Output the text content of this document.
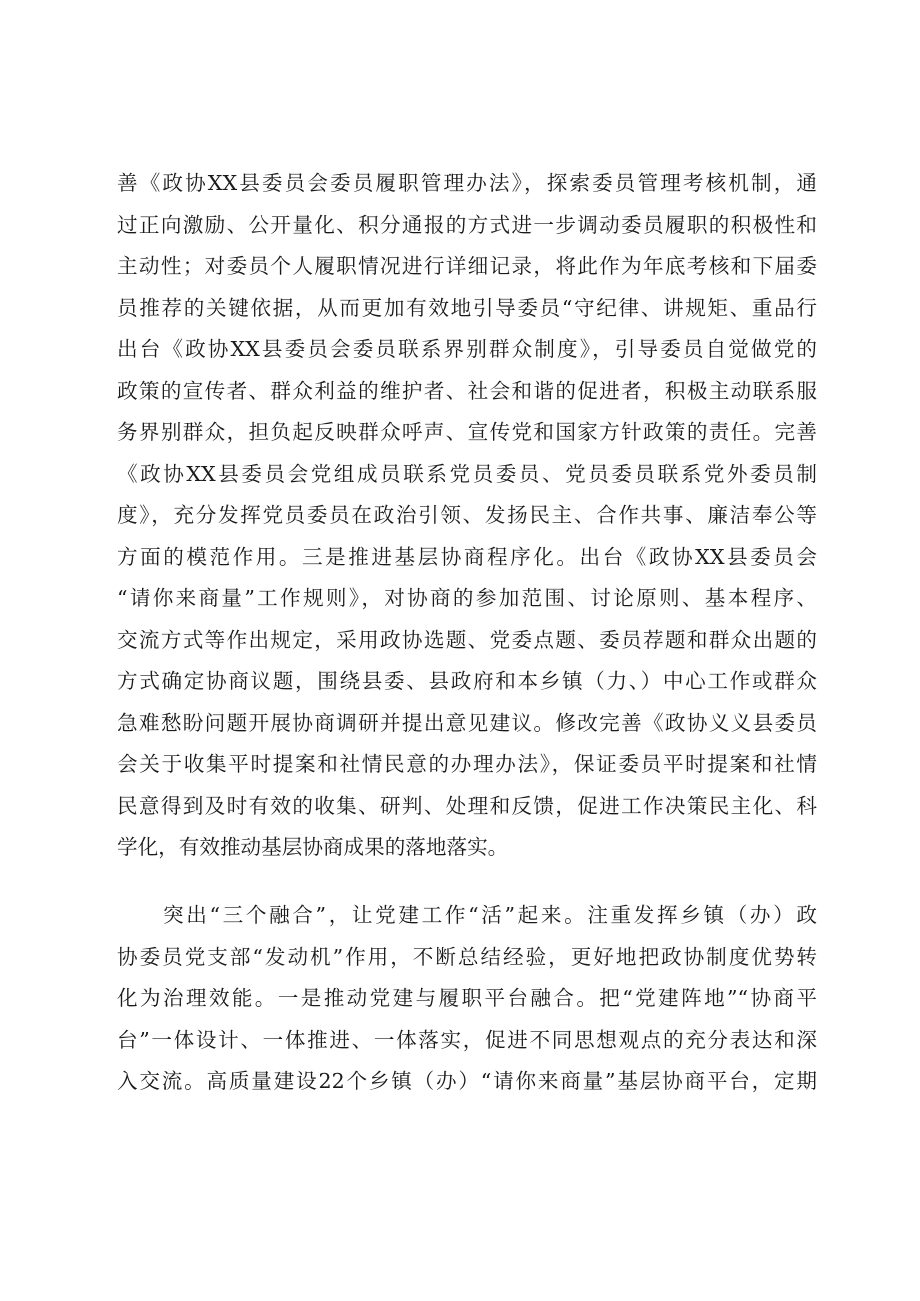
善《政协XX县委员会委员履职管理办法》，探索委员管理考核机制，通
过正向激励、公开量化、积分通报的方式进一步调动委员履职的积极性和
主动性；对委员个人履职情况进行详细记录，将此作为年底考核和下届委
员推荐的关键依据，从而更加有效地引导委员“守纪律、讲规矩、重品行
出台《政协XX县委员会委员联系界别群众制度》，引导委员自觉做党的
政策的宣传者、群众利益的维护者、社会和谐的促进者，积极主动联系服
务界别群众，担负起反映群众呼声、宣传党和国家方针政策的责任。完善
《政协XX县委员会党组成员联系党员委员、党员委员联系党外委员制
度》，充分发挥党员委员在政治引领、发扬民主、合作共事、廉洁奉公等
方面的模范作用。三是推进基层协商程序化。出台《政协XX县委员会
“请你来商量”工作规则》，对协商的参加范围、讨论原则、基本程序、
交流方式等作出规定，采用政协选题、党委点题、委员荐题和群众出题的
方式确定协商议题，围绕县委、县政府和本乡镇（力、）中心工作或群众
急难愁盼问题开展协商调研并提出意见建议。修改完善《政协义义县委员
会关于收集平时提案和社情民意的办理办法》，保证委员平时提案和社情
民意得到及时有效的收集、研判、处理和反馈，促进工作决策民主化、科
学化，有效推动基层协商成果的落地落实。
突出“三个融合”，让党建工作“活”起来。注重发挥乡镇（办）政
协委员党支部“发动机”作用，不断总结经验，更好地把政协制度优势转
化为治理效能。一是推动党建与履职平台融合。把“党建阵地”“协商平
台”一体设计、一体推进、一体落实，促进不同思想观点的充分表达和深
入交流。高质量建设22个乡镇（办）“请你来商量”基层协商平台，定期
